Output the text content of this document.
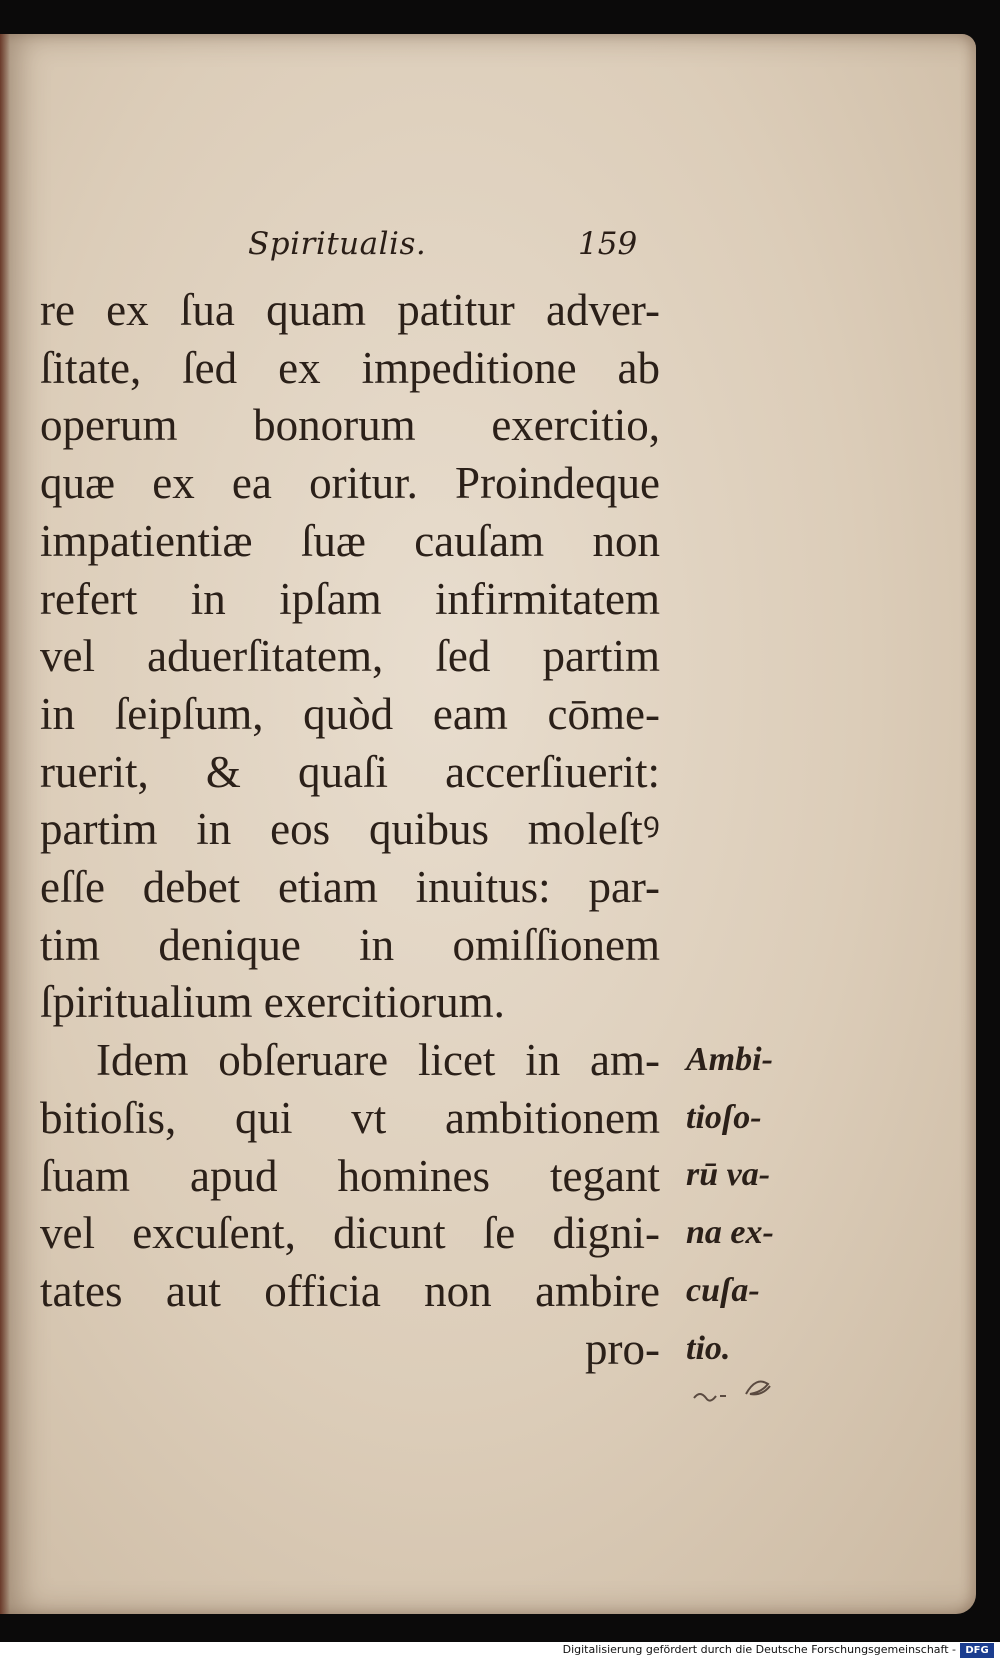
Spiritualis.	159
re ex ſua quam patitur adver-
ſitate, ſed ex impeditione ab
operum bonorum exercitio,
quæ ex ea oritur. Proindeque
impatientiæ ſuæ cauſam non
refert in ipſam infirmitatem
vel aduerſitatem, ſed partim
in ſeipſum, quòd eam cōme-
ruerit, & quaſi accerſiuerit:
partim in eos quibus moleſtꝰ
eſſe debet etiam inuitus: par-
tim denique in omiſſionem
ſpiritualium exercitiorum.
Idem obſeruare licet in am-
bitioſis, qui vt ambitionem
ſuam apud homines tegant
vel excuſent, dicunt ſe digni-
tates aut officia non ambire
pro-
Ambi-
tioſo-
rū va-
na ex-
cuſa-
tio.
Digitalisierung gefördert durch die Deutsche Forschungsgemeinschaft - DFG
